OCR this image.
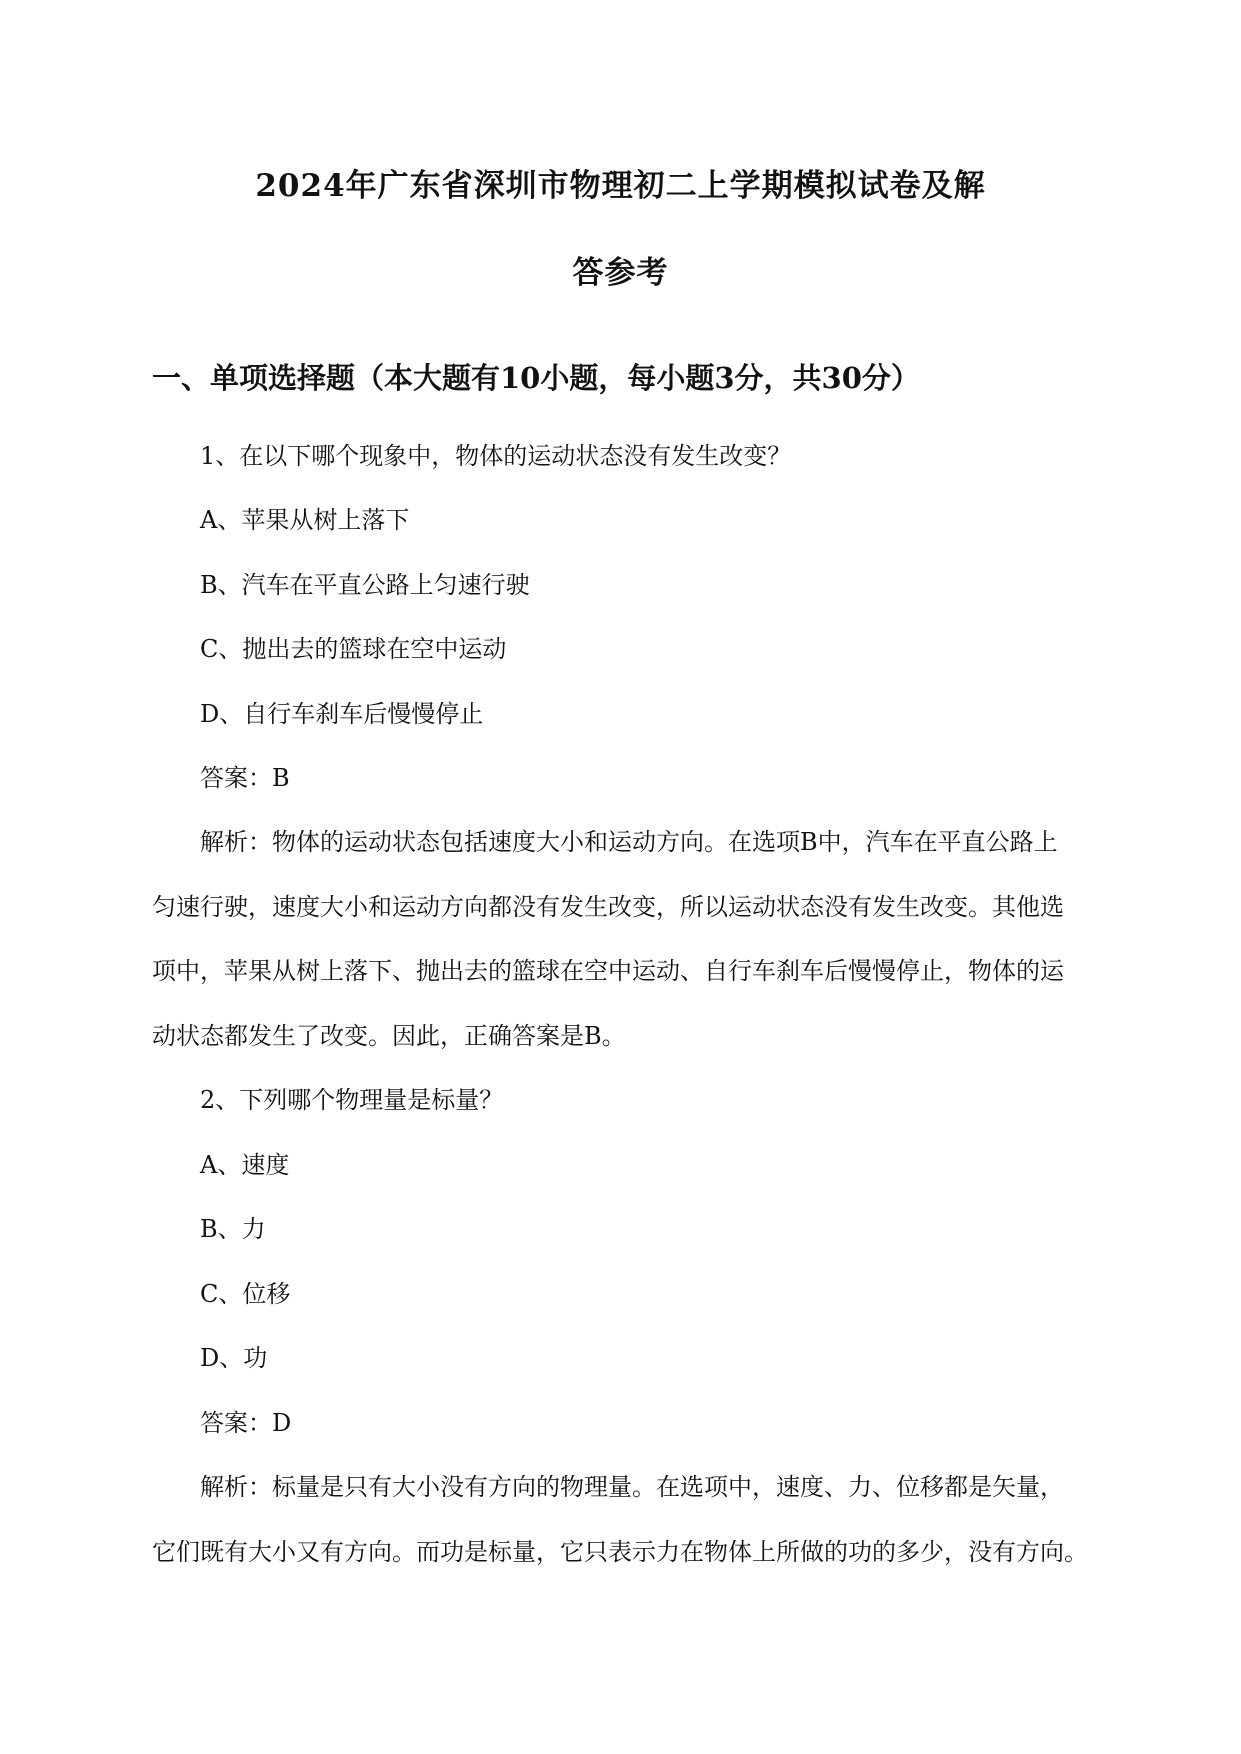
2024年广东省深圳市物理初二上学期模拟试卷及解
答参考
一、单项选择题（本大题有10小题，每小题3分，共30分）
1、在以下哪个现象中，物体的运动状态没有发生改变？
A、苹果从树上落下
B、汽车在平直公路上匀速行驶
C、抛出去的篮球在空中运动
D、自行车刹车后慢慢停止
答案：B
解析：物体的运动状态包括速度大小和运动方向。在选项B中，汽车在平直公路上
匀速行驶，速度大小和运动方向都没有发生改变，所以运动状态没有发生改变。其他选
项中，苹果从树上落下、抛出去的篮球在空中运动、自行车刹车后慢慢停止，物体的运
动状态都发生了改变。因此，正确答案是B。
2、下列哪个物理量是标量？
A、速度
B、力
C、位移
D、功
答案：D
解析：标量是只有大小没有方向的物理量。在选项中，速度、力、位移都是矢量，
它们既有大小又有方向。而功是标量，它只表示力在物体上所做的功的多少，没有方向。
